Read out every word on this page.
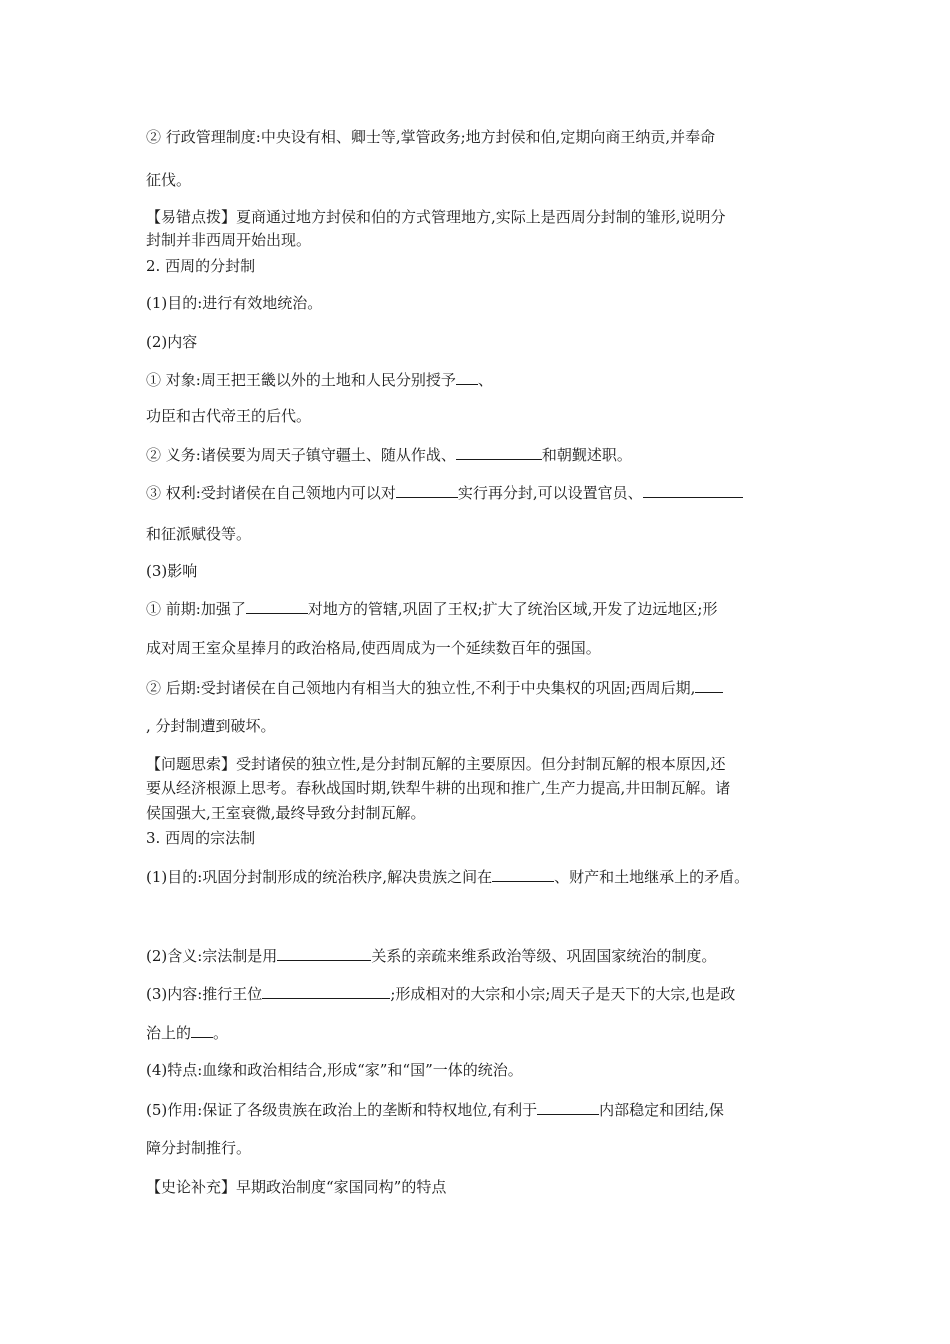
② 行政管理制度:中央设有相、卿士等,掌管政务;地方封侯和伯,定期向商王纳贡,并奉命
征伐。
【易错点拨】夏商通过地方封侯和伯的方式管理地方,实际上是西周分封制的雏形,说明分
封制并非西周开始出现。
2. 西周的分封制
(1)目的:进行有效地统治。
(2)内容
① 对象:周王把王畿以外的土地和人民分别授予 、
功臣和古代帝王的后代。
② 义务:诸侯要为周天子镇守疆土、随从作战、	和朝觐述职。
③ 权利:受封诸侯在自己领地内可以对	实行再分封,可以设置官员、
和征派赋役等。
(3)影响
① 前期:加强了	对地方的管辖,巩固了王权;扩大了统治区域,开发了边远地区;形
成对周王室众星捧月的政治格局,使西周成为一个延续数百年的强国。
② 后期:受封诸侯在自己领地内有相当大的独立性,不利于中央集权的巩固;西周后期,
, 分封制遭到破坏。
【问题思索】受封诸侯的独立性,是分封制瓦解的主要原因。但分封制瓦解的根本原因,还
要从经济根源上思考。春秋战国时期,铁犁牛耕的出现和推广,生产力提高,井田制瓦解。诸
侯国强大,王室衰微,最终导致分封制瓦解。
3. 西周的宗法制
(1)目的:巩固分封制形成的统治秩序,解决贵族之间在	、财产和土地继承上的矛盾。
(2)含义:宗法制是用	关系的亲疏来维系政治等级、巩固国家统治的制度。
(3)内容:推行王位	;形成相对的大宗和小宗;周天子是天下的大宗,也是政
治上的 。
(4)特点:血缘和政治相结合,形成“家”和“国”一体的统治。
(5)作用:保证了各级贵族在政治上的垄断和特权地位,有利于	内部稳定和团结,保
障分封制推行。
【史论补充】早期政治制度“家国同构”的特点
